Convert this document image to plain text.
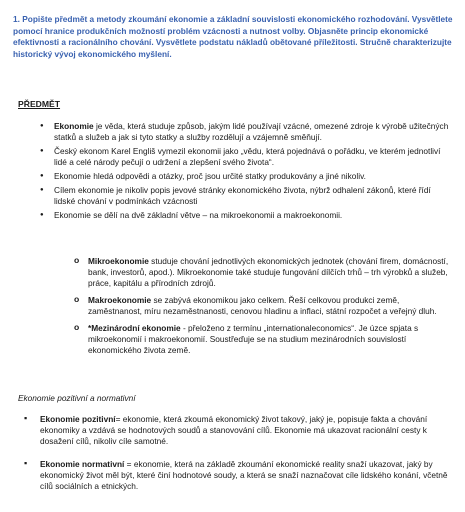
1. Popište předmět a metody zkoumání ekonomie a základní souvislosti ekonomického rozhodování. Vysvětlete pomocí hranice produkčních možností problém vzácnosti a nutnost volby. Objasněte princip ekonomické efektivnosti a racionálního chování. Vysvětlete podstatu nákladů obětované příležitosti. Stručně charakterizujte historický vývoj ekonomického myšlení.
PŘEDMĚT
● Ekonomie je věda, která studuje způsob, jakým lidé používají vzácné, omezené zdroje k výrobě užitečných statků a služeb a jak si tyto statky a služby rozdělují a vzájemně směňují.
● Český ekonom Karel Engliš vymezil ekonomii jako „vědu, která pojednává o pořádku, ve kterém jednotliví lidé a celé národy pečují o udržení a zlepšení svého života“.
● Ekonomie hledá odpovědi a otázky, proč jsou určité statky produkovány a jiné nikoliv.
● Cílem ekonomie je nikoliv popis jevové stránky ekonomického života, nýbrž odhalení zákonů, které řídí lidské chování v podmínkách vzácnosti
● Ekonomie se dělí na dvě základní větve – na mikroekonomii a makroekonomii.
o Mikroekonomie studuje chování jednotlivých ekonomických jednotek (chování firem, domácností, bank, investorů, apod.). Mikroekonomie také studuje fungování dílčích trhů – trh výrobků a služeb, práce, kapitálu a přírodních zdrojů.
o Makroekonomie se zabývá ekonomikou jako celkem. Řeší celkovou produkci země, zaměstnanost, míru nezaměstnanosti, cenovou hladinu a inflaci, státní rozpočet a veřejný dluh.
o *Mezinárodní ekonomie - přeloženo z termínu „internationaleconomics“. Je úzce spjata s mikroekonomií i makroekonomií. Soustřeďuje se na studium mezinárodních souvislostí ekonomického života země.
Ekonomie pozitivní a normativní
▪ Ekonomie pozitivní= ekonomie, která zkoumá ekonomický život takový, jaký je, popisuje fakta a chování ekonomiky a vzdává se hodnotových soudů a stanovování cílů. Ekonomie má ukazovat racionální cesty k dosažení cílů, nikoliv cíle samotné.
▪ Ekonomie normativní = ekonomie, která na základě zkoumání ekonomické reality snaží ukazovat, jaký by ekonomický život měl být, které činí hodnotové soudy, a která se snaží naznačovat cíle lidského konání, včetně cílů sociálních a etnických.
